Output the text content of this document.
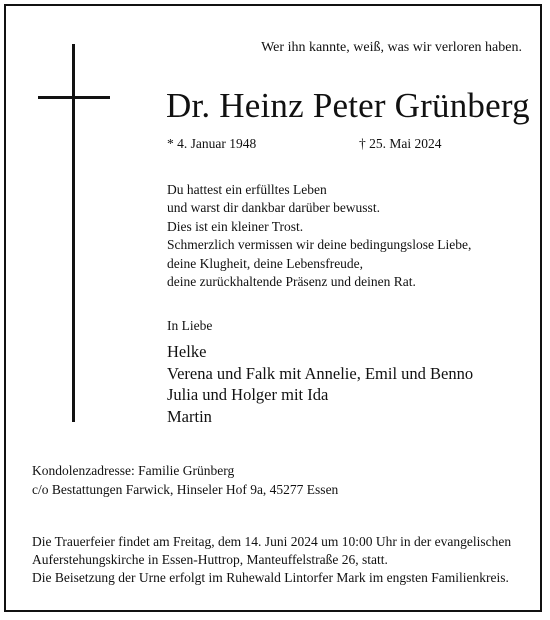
Wer ihn kannte, weiß, was wir verloren haben.
Dr. Heinz Peter Grünberg
* 4. Januar 1948	† 25. Mai 2024
Du hattest ein erfülltes Leben
und warst dir dankbar darüber bewusst.
Dies ist ein kleiner Trost.
Schmerzlich vermissen wir deine bedingungslose Liebe,
deine Klugheit, deine Lebensfreude,
deine zurückhaltende Präsenz und deinen Rat.
In Liebe
Helke
Verena und Falk mit Annelie, Emil und Benno
Julia und Holger mit Ida
Martin
Kondolenzadresse: Familie Grünberg
c/o Bestattungen Farwick, Hinseler Hof 9a, 45277 Essen
Die Trauerfeier findet am Freitag, dem 14. Juni 2024 um 10:00 Uhr in der evangelischen
Auferstehungskirche in Essen-Huttrop, Manteuffelstraße 26, statt.
Die Beisetzung der Urne erfolgt im Ruhewald Lintorfer Mark im engsten Familienkreis.
